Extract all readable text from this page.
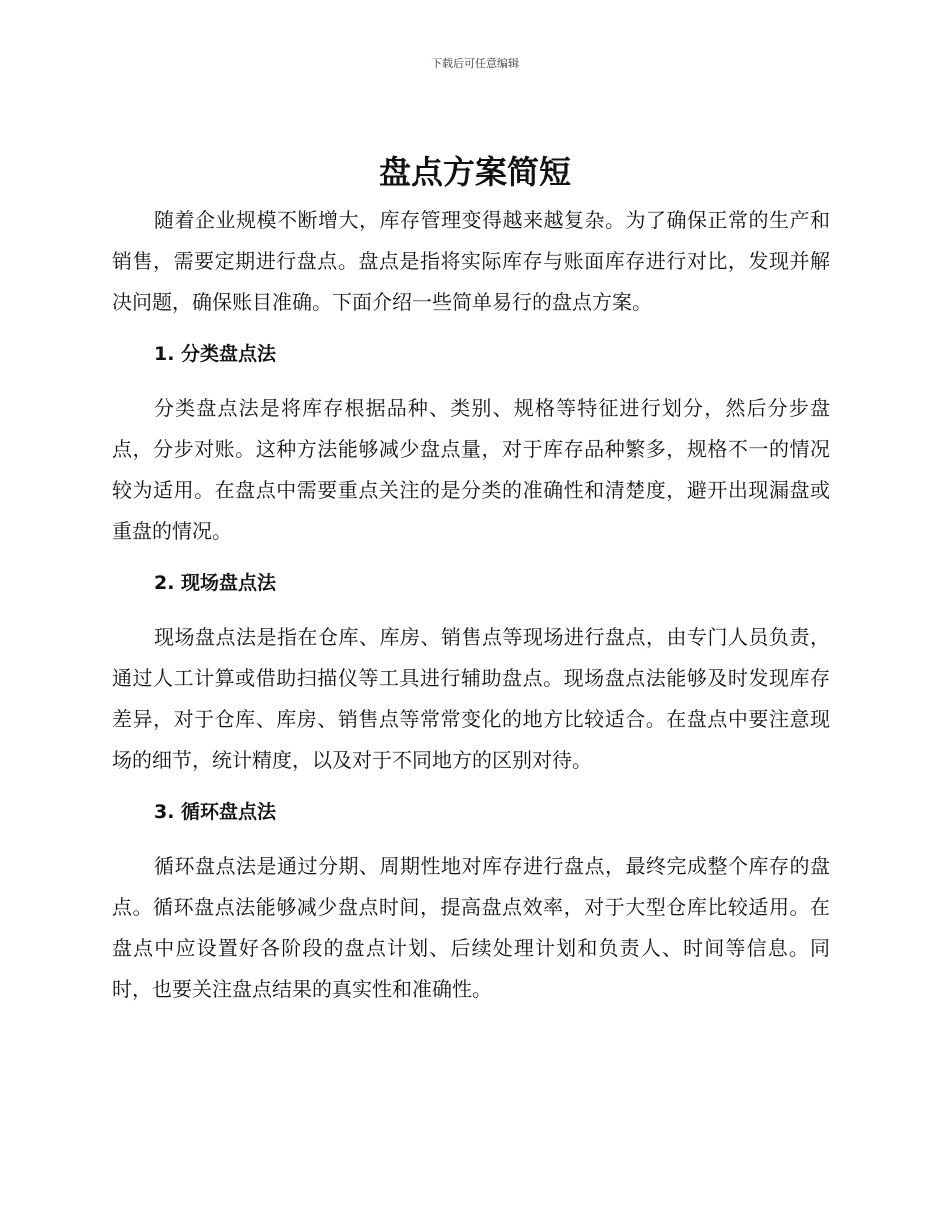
下载后可任意编辑
盘点方案简短

随着企业规模不断增大，库存管理变得越来越复杂。为了确保正常的生产和销售，需要定期进行盘点。盘点是指将实际库存与账面库存进行对比，发现并解决问题，确保账目准确。下面介绍一些简单易行的盘点方案。

1. 分类盘点法

分类盘点法是将库存根据品种、类别、规格等特征进行划分，然后分步盘点，分步对账。这种方法能够减少盘点量，对于库存品种繁多，规格不一的情况较为适用。在盘点中需要重点关注的是分类的准确性和清楚度，避开出现漏盘或重盘的情况。

2. 现场盘点法

现场盘点法是指在仓库、库房、销售点等现场进行盘点，由专门人员负责，通过人工计算或借助扫描仪等工具进行辅助盘点。现场盘点法能够及时发现库存差异，对于仓库、库房、销售点等常常变化的地方比较适合。在盘点中要注意现场的细节，统计精度，以及对于不同地方的区别对待。

3. 循环盘点法

循环盘点法是通过分期、周期性地对库存进行盘点，最终完成整个库存的盘点。循环盘点法能够减少盘点时间，提高盘点效率，对于大型仓库比较适用。在盘点中应设置好各阶段的盘点计划、后续处理计划和负责人、时间等信息。同时，也要关注盘点结果的真实性和准确性。
